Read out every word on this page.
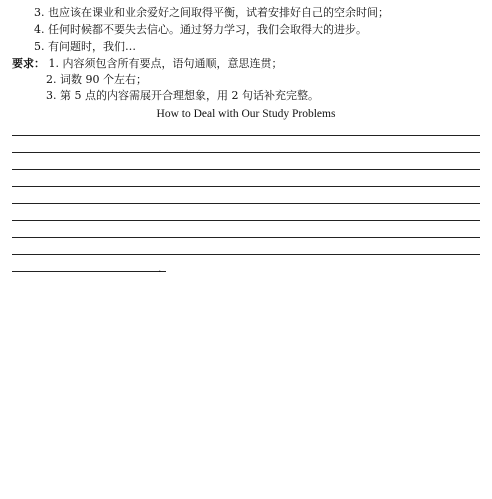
3. 也应该在课业和业余爱好之间取得平衡，试着安排好自己的空余时间；
4. 任何时候都不要失去信心。通过努力学习，我们会取得大的进步。
5. 有问题时，我们…
要求： 1. 内容须包含所有要点，语句通顺，意思连贯；
2. 词数 90 个左右；
3. 第 5 点的内容需展开合理想象，用 2 句话补充完整。
How to Deal with Our Study Problems
.
